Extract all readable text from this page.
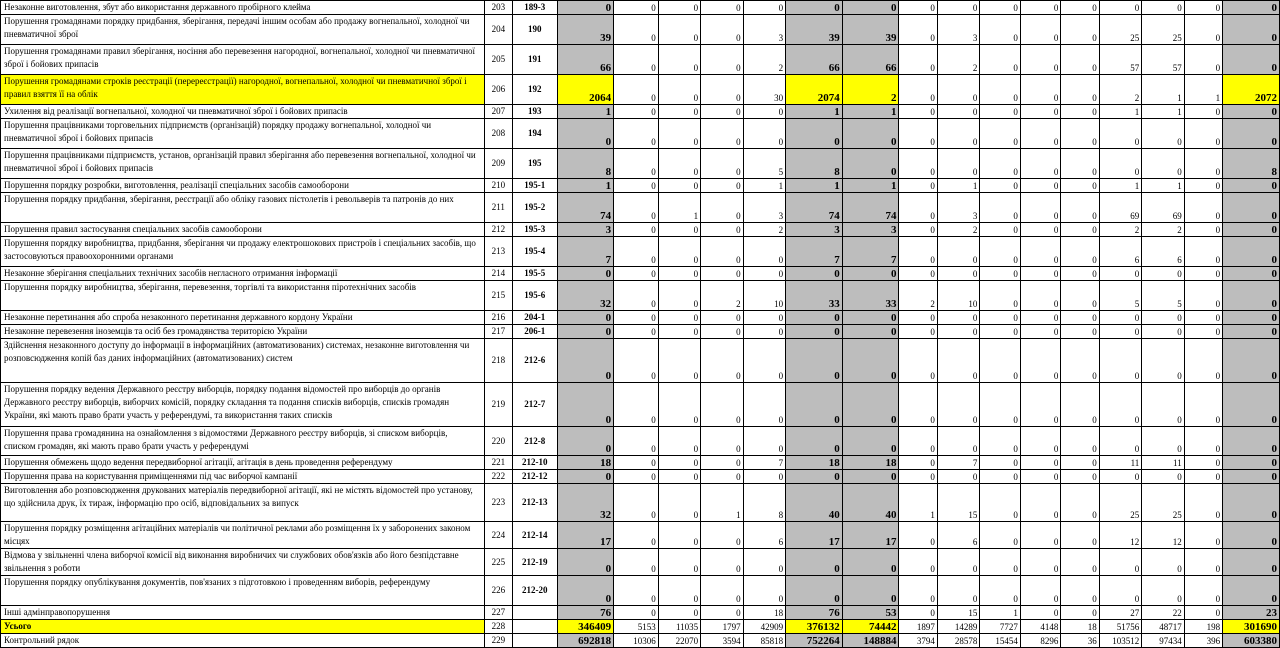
Незаконне виготовлення, збут або використання державного пробірного клейма	203	189-3	0	0	0	0	0	0	0	0	0	0	0	0	0	0	0	0
Порушення громадянами порядку придбання, зберігання, передачі іншим особам або продажу вогнепальної, холодної чи пневматичної зброї	204	190	39	0	0	0	3	39	39	0	3	0	0	0	25	25	0	0
Порушення громадянами правил зберігання, носіння або перевезення нагородної, вогнепальної, холодної чи пневматичної зброї і бойових припасів	205	191	66	0	0	0	2	66	66	0	2	0	0	0	57	57	0	0
Порушення громадянами строків реєстрації (перереєстрації) нагородної, вогнепальної, холодної чи пневматичної зброї і правил взяття її на облік	206	192	2064	0	0	0	30	2074	2	0	0	0	0	0	2	1	1	2072
Ухилення від реалізації вогнепальної, холодної чи пневматичної зброї і бойових припасів	207	193	1	0	0	0	0	1	1	0	0	0	0	0	1	1	0	0
Порушення працівниками торговельних підприємств (організацій) порядку продажу вогнепальної, холодної чи пневматичної зброї і бойових припасів	208	194	0	0	0	0	0	0	0	0	0	0	0	0	0	0	0	0
Порушення працівниками підприємств, установ, організацій правил зберігання або перевезення вогнепальної, холодної чи пневматичної зброї і бойових припасів	209	195	8	0	0	0	5	8	0	0	0	0	0	0	0	0	0	8
Порушення порядку розробки, виготовлення, реалізації спеціальних засобів самооборони	210	195-1	1	0	0	0	1	1	1	0	1	0	0	0	1	1	0	0
Порушення порядку придбання, зберігання, реєстрації або обліку газових пістолетів і револьверів та патронів до них	211	195-2	74	0	1	0	3	74	74	0	3	0	0	0	69	69	0	0
Порушення правил застосування спеціальних засобів самооборони	212	195-3	3	0	0	0	2	3	3	0	2	0	0	0	2	2	0	0
Порушення порядку виробництва, придбання, зберігання чи продажу електрошокових пристроїв і спеціальних засобів, що застосовуються правоохоронними органами	213	195-4	7	0	0	0	0	7	7	0	0	0	0	0	6	6	0	0
Незаконне зберігання спеціальних технічних засобів негласного отримання інформації	214	195-5	0	0	0	0	0	0	0	0	0	0	0	0	0	0	0	0
Порушення порядку виробництва, зберігання, перевезення, торгівлі та використання піротехнічних засобів	215	195-6	32	0	0	2	10	33	33	2	10	0	0	0	5	5	0	0
Незаконне перетинання або спроба незаконного перетинання державного кордону України	216	204-1	0	0	0	0	0	0	0	0	0	0	0	0	0	0	0	0
Незаконне перевезення іноземців та осіб без громадянства територією України	217	206-1	0	0	0	0	0	0	0	0	0	0	0	0	0	0	0	0
Здійснення незаконного доступу до інформації в інформаційних (автоматизованих) системах, незаконне виготовлення чи розповсюдження копій баз даних інформаційних (автоматизованих) систем	218	212-6	0	0	0	0	0	0	0	0	0	0	0	0	0	0	0	0
Порушення порядку ведення Державного реєстру виборців, порядку подання відомостей про виборців до органів Державного реєстру виборців, виборчих комісій, порядку складання та подання списків виборців, списків громадян України, які мають право брати участь у референдумі, та використання таких списків	219	212-7	0	0	0	0	0	0	0	0	0	0	0	0	0	0	0	0
Порушення права громадянина на ознайомлення з відомостями Державного реєстру виборців, зі списком виборців, списком громадян, які мають право брати участь у референдумі	220	212-8	0	0	0	0	0	0	0	0	0	0	0	0	0	0	0	0
Порушення обмежень щодо ведення передвиборної агітації, агітація в день проведення референдуму	221	212-10	18	0	0	0	7	18	18	0	7	0	0	0	11	11	0	0
Порушення права на користування приміщеннями під час виборчої кампанії	222	212-12	0	0	0	0	0	0	0	0	0	0	0	0	0	0	0	0
Виготовлення або розповсюдження друкованих матеріалів передвиборної агітації, які не містять відомостей про установу, що здійснила друк, їх тираж, інформацію про осіб, відповідальних за випуск	223	212-13	32	0	0	1	8	40	40	1	15	0	0	0	25	25	0	0
Порушення порядку розміщення агітаційних матеріалів чи політичної реклами або розміщення їх у заборонених законом місцях	224	212-14	17	0	0	0	6	17	17	0	6	0	0	0	12	12	0	0
Відмова у звільненні члена виборчої комісії від виконання виробничих чи службових обов'язків або його безпідставне звільнення з роботи	225	212-19	0	0	0	0	0	0	0	0	0	0	0	0	0	0	0	0
Порушення порядку опублікування документів, пов'язаних з підготовкою і проведенням виборів, референдуму	226	212-20	0	0	0	0	0	0	0	0	0	0	0	0	0	0	0	0
Інші адмінправопорушення	227		76	0	0	0	18	76	53	0	15	1	0	0	27	22	0	23
Усього	228		346409	5153	11035	1797	42909	376132	74442	1897	14289	7727	4148	18	51756	48717	198	301690
Контрольний рядок	229		692818	10306	22070	3594	85818	752264	148884	3794	28578	15454	8296	36	103512	97434	396	603380
